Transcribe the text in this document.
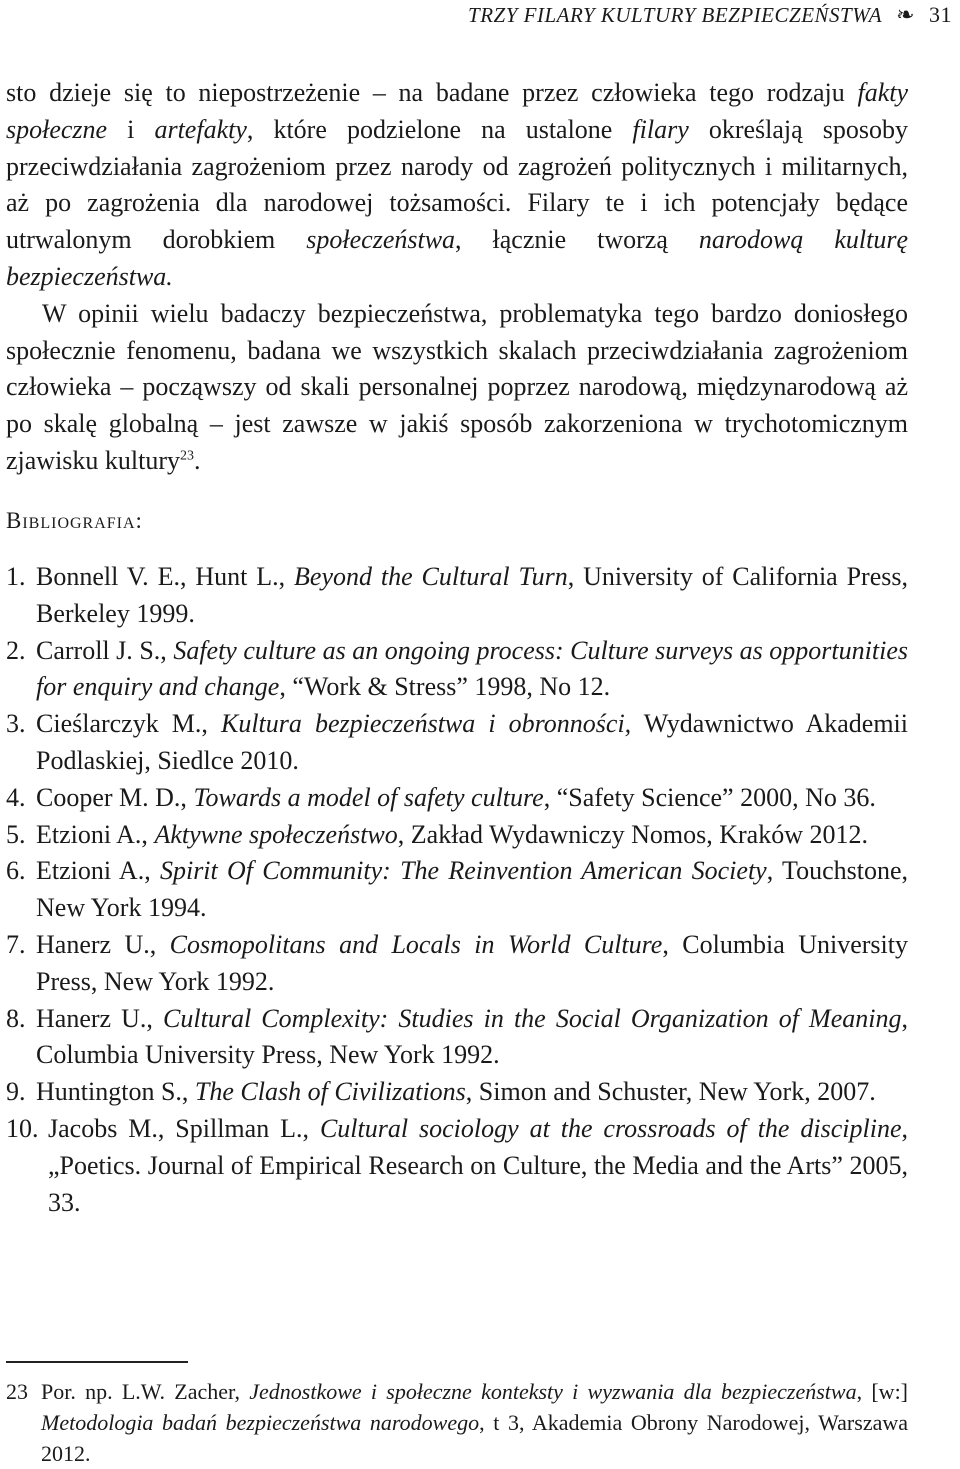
TRZY FILARY KULTURY BEZPIECZEŃSTWA ❧ 31

sto dzieje się to niepostrzeżenie – na badane przez człowieka tego rodzaju fakty społeczne i artefakty, które podzielone na ustalone filary określają sposoby przeciwdziałania zagrożeniom przez narody od zagrożeń politycznych i militarnych, aż po zagrożenia dla narodowej tożsamości. Filary te i ich potencjały będące utrwalonym dorobkiem społeczeństwa, łącznie tworzą narodową kulturę bezpieczeństwa.

W opinii wielu badaczy bezpieczeństwa, problematyka tego bardzo doniosłego społecznie fenomenu, badana we wszystkich skalach przeciwdziałania zagrożeniom człowieka – począwszy od skali personalnej poprzez narodową, międzynarodową aż po skalę globalną – jest zawsze w jakiś sposób zakorzeniona w trychotomicznym zjawisku kultury$^{23}$.

Bibliografia:
1. Bonnell V. E., Hunt L., Beyond the Cultural Turn, University of California Press, Berkeley 1999.
2. Carroll J. S., Safety culture as an ongoing process: Culture surveys as opportunities for enquiry and change, “Work & Stress” 1998, No 12.
3. Cieślarczyk M., Kultura bezpieczeństwa i obronności, Wydawnictwo Akademii Podlaskiej, Siedlce 2010.
4. Cooper M. D., Towards a model of safety culture, “Safety Science” 2000, No 36.
5. Etzioni A., Aktywne społeczeństwo, Zakład Wydawniczy Nomos, Kraków 2012.
6. Etzioni A., Spirit Of Community: The Reinvention American Society, Touchstone, New York 1994.
7. Hanerz U., Cosmopolitans and Locals in World Culture, Columbia University Press, New York 1992.
8. Hanerz U., Cultural Complexity: Studies in the Social Organization of Meaning, Columbia University Press, New York 1992.
9. Huntington S., The Clash of Civilizations, Simon and Schuster, New York, 2007.
10. Jacobs M., Spillman L., Cultural sociology at the crossroads of the discipline, „Poetics. Journal of Empirical Research on Culture, the Media and the Arts” 2005, 33.
23 Por. np. L.W. Zacher, Jednostkowe i społeczne konteksty i wyzwania dla bezpieczeństwa, [w:] Metodologia badań bezpieczeństwa narodowego, t 3, Akademia Obrony Narodowej, Warszawa 2012.
